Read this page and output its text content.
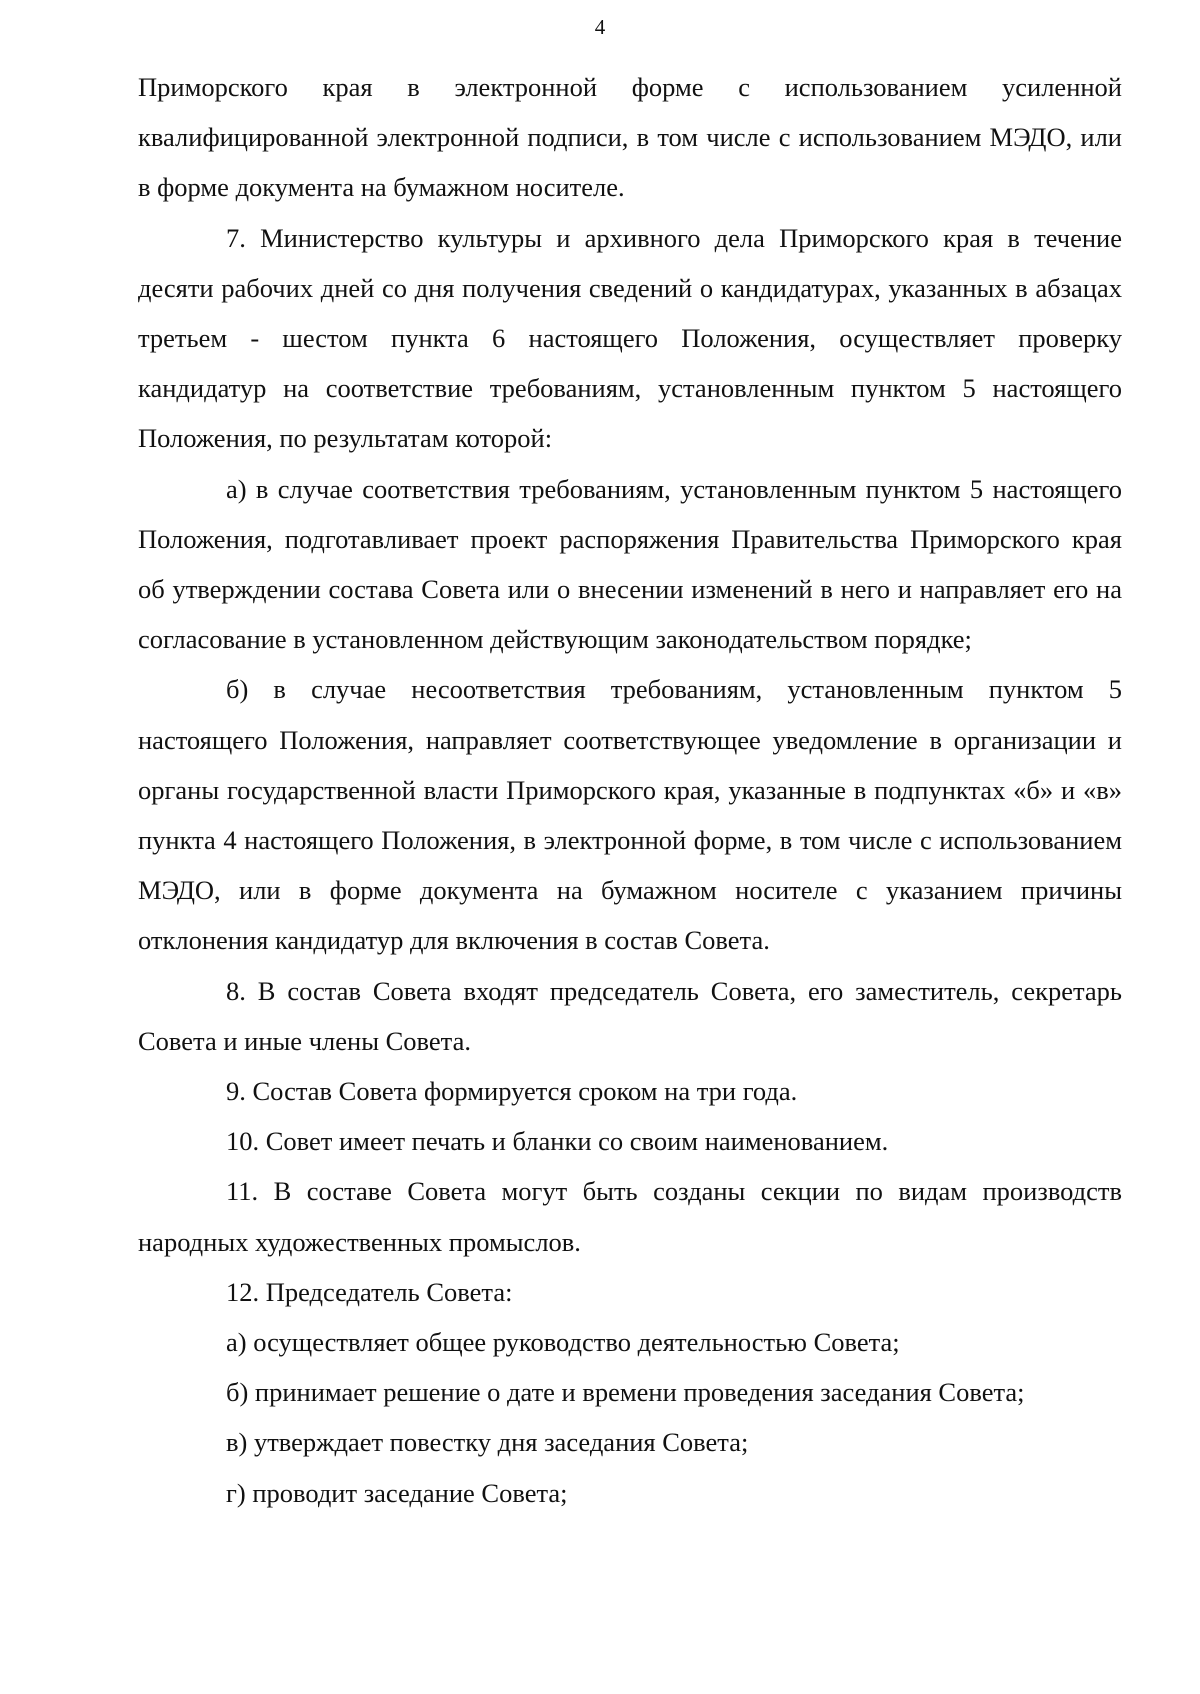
4

Приморского края в электронной форме с использованием усиленной квалифицированной электронной подписи, в том числе с использованием МЭДО, или в форме документа на бумажном носителе.

7. Министерство культуры и архивного дела Приморского края в течение десяти рабочих дней со дня получения сведений о кандидатурах, указанных в абзацах третьем - шестом пункта 6 настоящего Положения, осуществляет проверку кандидатур на соответствие требованиям, установленным пунктом 5 настоящего Положения, по результатам которой:

а) в случае соответствия требованиям, установленным пунктом 5 настоящего Положения, подготавливает проект распоряжения Правительства Приморского края об утверждении состава Совета или о внесении изменений в него и направляет его на согласование в установленном действующим законодательством порядке;

б) в случае несоответствия требованиям, установленным пунктом 5 настоящего Положения, направляет соответствующее уведомление в организации и органы государственной власти Приморского края, указанные в подпунктах «б» и «в» пункта 4 настоящего Положения, в электронной форме, в том числе с использованием МЭДО, или в форме документа на бумажном носителе с указанием причины отклонения кандидатур для включения в состав Совета.

8. В состав Совета входят председатель Совета, его заместитель, секретарь Совета и иные члены Совета.

9. Состав Совета формируется сроком на три года.

10. Совет имеет печать и бланки со своим наименованием.

11. В составе Совета могут быть созданы секции по видам производств народных художественных промыслов.

12. Председатель Совета:

а) осуществляет общее руководство деятельностью Совета;

б) принимает решение о дате и времени проведения заседания Совета;

в) утверждает повестку дня заседания Совета;

г) проводит заседание Совета;
